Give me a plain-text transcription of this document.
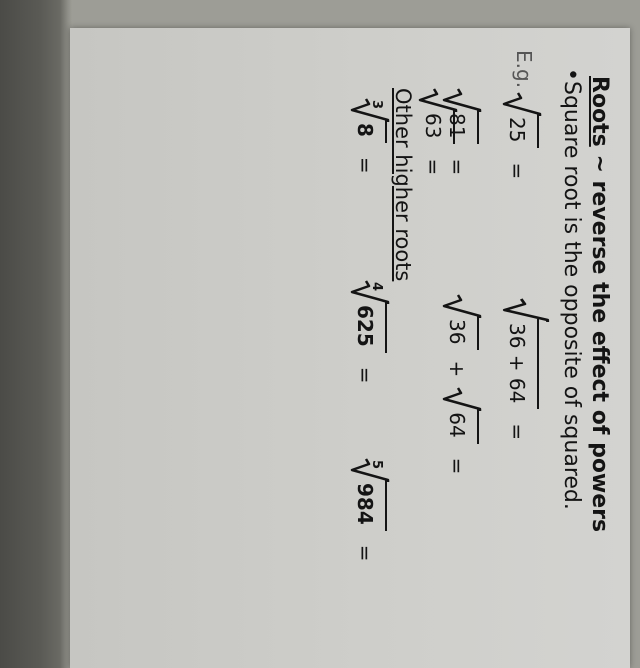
Roots ~ reverse the effect of powers
•Square root is the opposite of squared.
E.g.
25
=
81
=
63
=
36 + 64
=
36
+
64
=
Other higher roots
3
8
=
4
625
=
5
984
=
